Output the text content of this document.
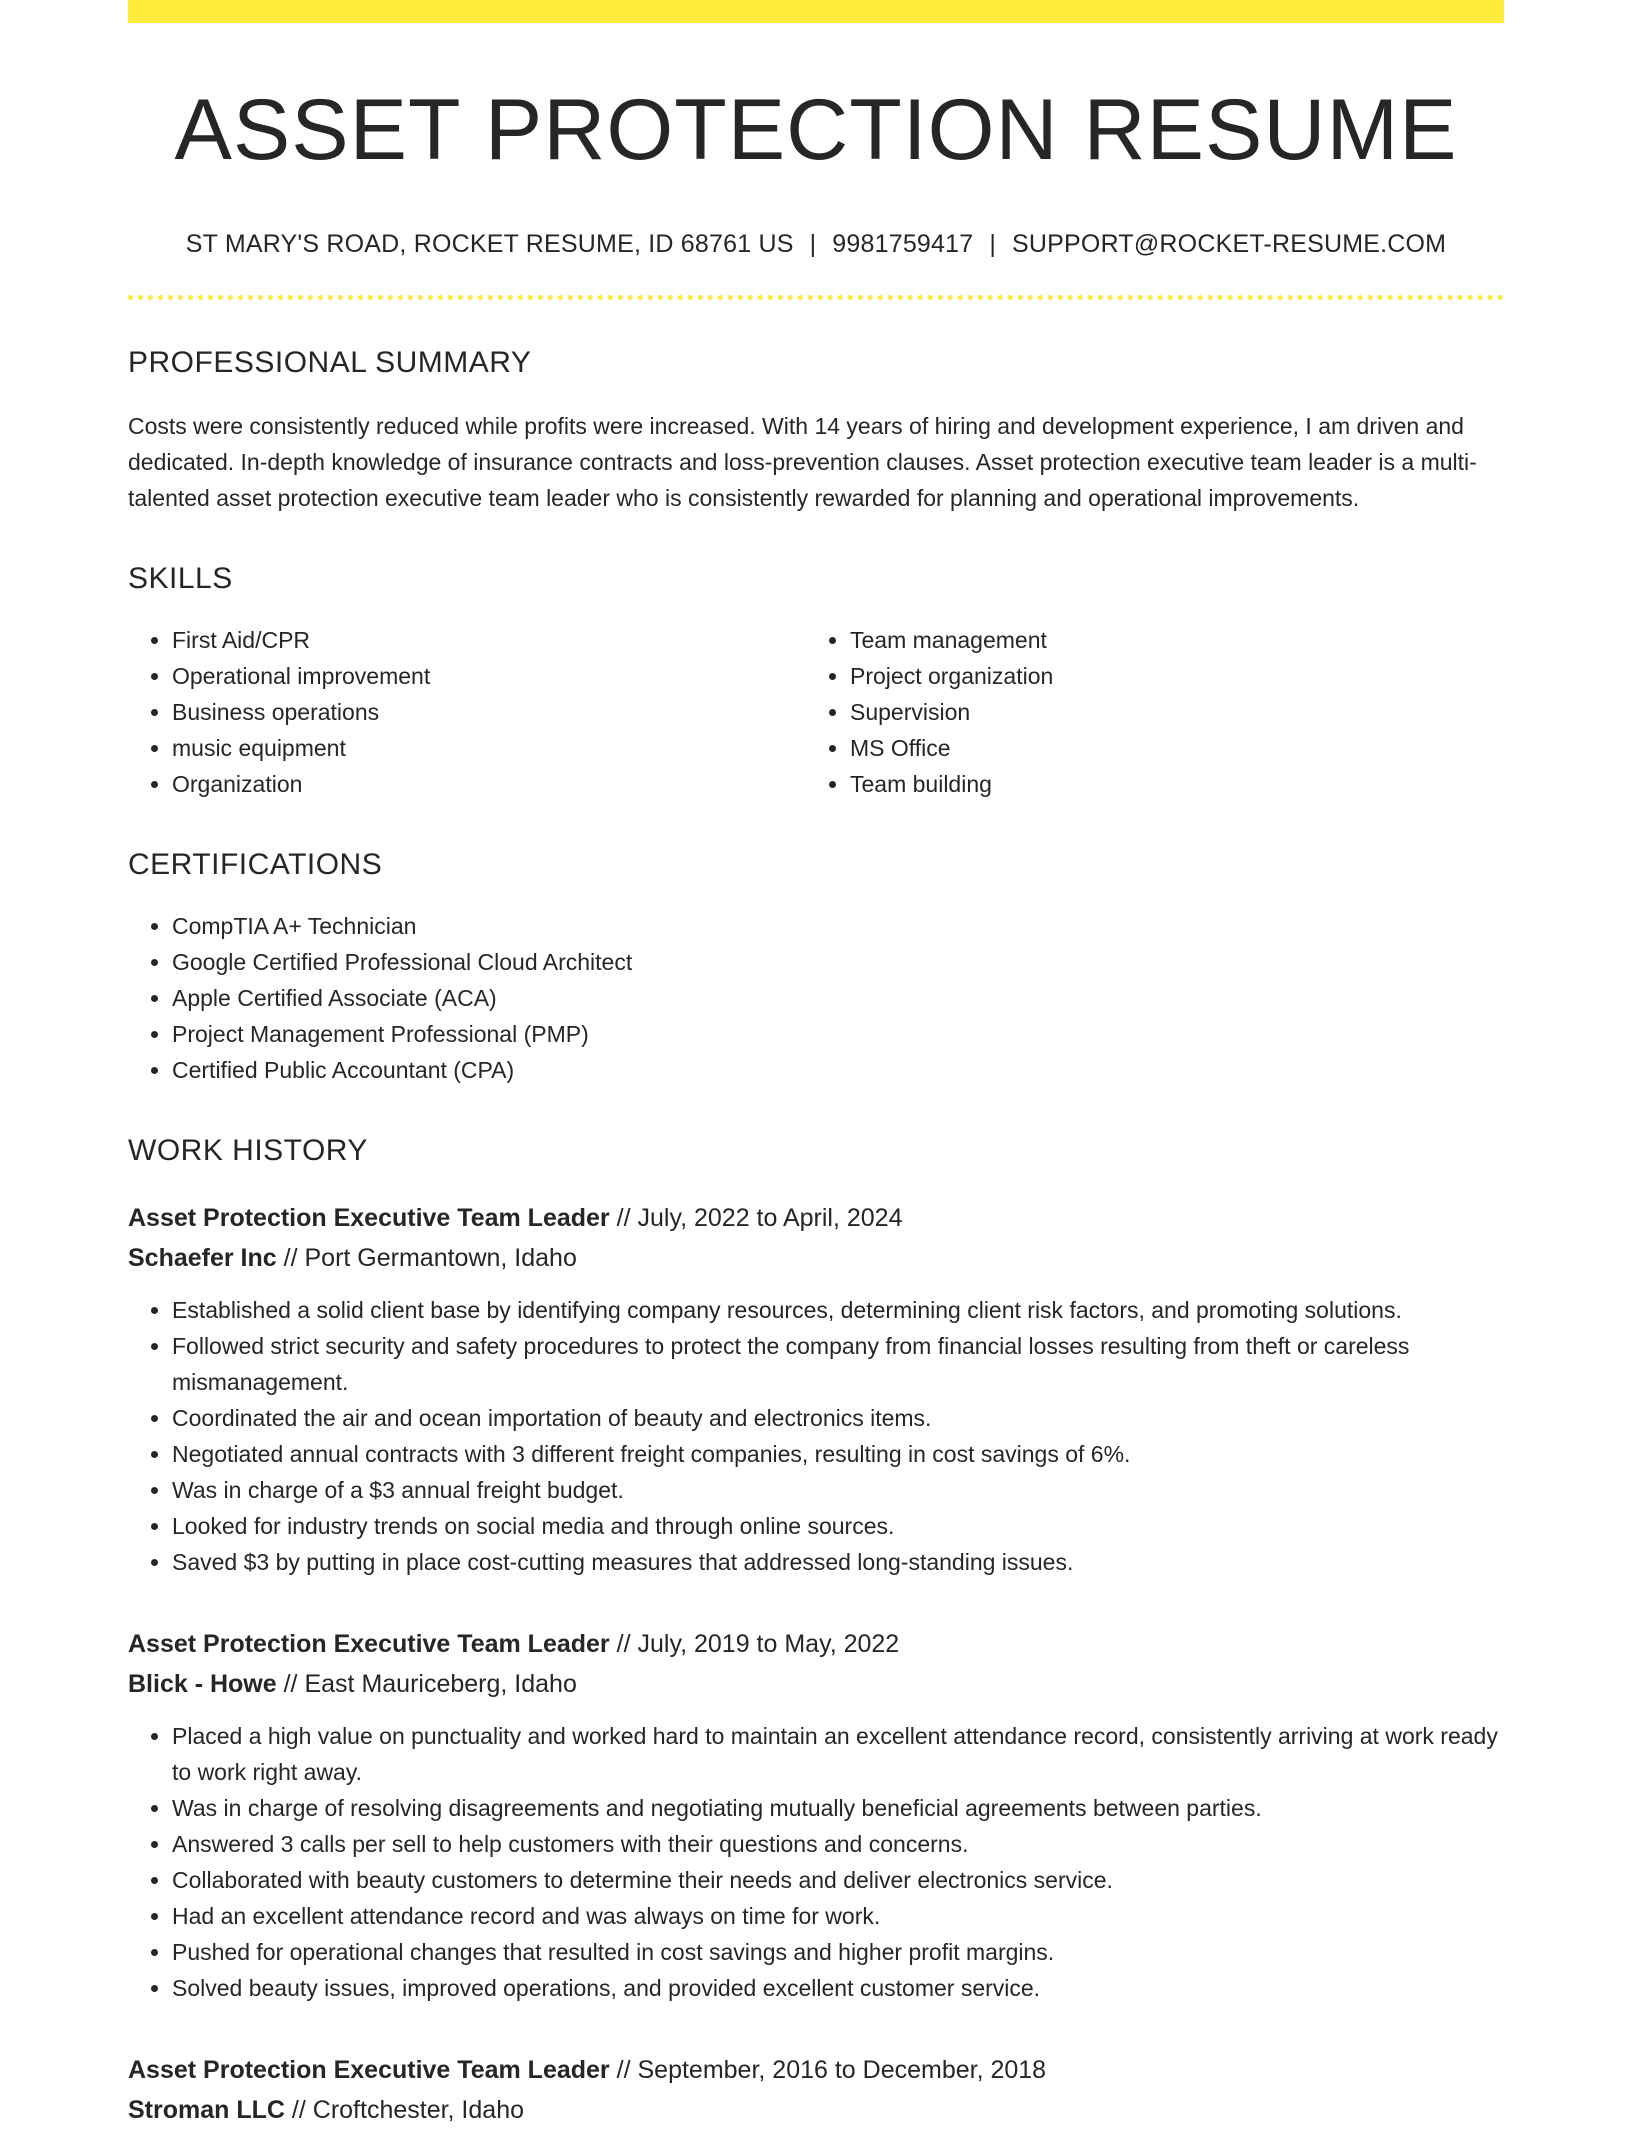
ASSET PROTECTION RESUME
ST MARY'S ROAD, ROCKET RESUME, ID 68761 US | 9981759417 | SUPPORT@ROCKET-RESUME.COM
PROFESSIONAL SUMMARY

Costs were consistently reduced while profits were increased. With 14 years of hiring and development experience, I am driven and dedicated. In-depth knowledge of insurance contracts and loss-prevention clauses. Asset protection executive team leader is a multi-talented asset protection executive team leader who is consistently rewarded for planning and operational improvements.

SKILLS
• First Aid/CPR
• Operational improvement
• Business operations
• music equipment
• Organization
• Team management
• Project organization
• Supervision
• MS Office
• Team building
CERTIFICATIONS
• CompTIA A+ Technician
• Google Certified Professional Cloud Architect
• Apple Certified Associate (ACA)
• Project Management Professional (PMP)
• Certified Public Accountant (CPA)
WORK HISTORY
Asset Protection Executive Team Leader // July, 2022 to April, 2024
Schaefer Inc // Port Germantown, Idaho
• Established a solid client base by identifying company resources, determining client risk factors, and promoting solutions.
• Followed strict security and safety procedures to protect the company from financial losses resulting from theft or careless mismanagement.
• Coordinated the air and ocean importation of beauty and electronics items.
• Negotiated annual contracts with 3 different freight companies, resulting in cost savings of 6%.
• Was in charge of a $3 annual freight budget.
• Looked for industry trends on social media and through online sources.
• Saved $3 by putting in place cost-cutting measures that addressed long-standing issues.
Asset Protection Executive Team Leader // July, 2019 to May, 2022
Blick - Howe // East Mauriceberg, Idaho
• Placed a high value on punctuality and worked hard to maintain an excellent attendance record, consistently arriving at work ready to work right away.
• Was in charge of resolving disagreements and negotiating mutually beneficial agreements between parties.
• Answered 3 calls per sell to help customers with their questions and concerns.
• Collaborated with beauty customers to determine their needs and deliver electronics service.
• Had an excellent attendance record and was always on time for work.
• Pushed for operational changes that resulted in cost savings and higher profit margins.
• Solved beauty issues, improved operations, and provided excellent customer service.
Asset Protection Executive Team Leader // September, 2016 to December, 2018
Stroman LLC // Croftchester, Idaho
